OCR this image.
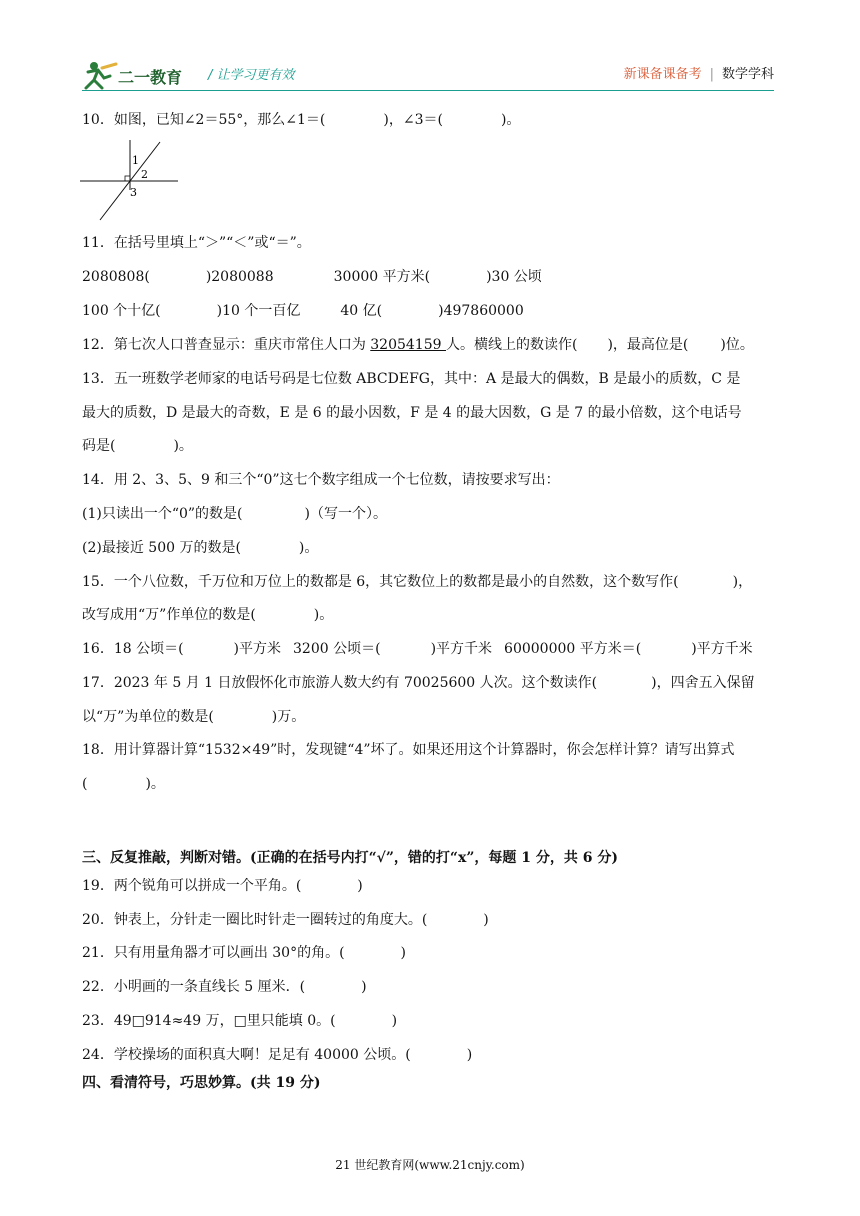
二一教育 / 让学习更有效	新课备课备考 | 数学学科
10．如图，已知∠2＝55°，那么∠1＝(	)，∠3＝(	)。
1
2
3
11．在括号里填上“＞”“＜”或“＝”。
2080808(	)2080088	30000 平方米(	)30 公顷
100 个十亿(	)10 个一百亿	40 亿(	)497860000
12．第七次人口普查显示：重庆市常住人口为 32054159 人。横线上的数读作( )，最高位是( )位。
13．五一班数学老师家的电话号码是七位数 ABCDEFG，其中：A 是最大的偶数，B 是最小的质数，C 是
最大的质数，D 是最大的奇数，E 是 6 的最小因数，F 是 4 的最大因数，G 是 7 的最小倍数，这个电话号
码是(	)。
14．用 2、3、5、9 和三个“0”这七个数字组成一个七位数，请按要求写出：
(1)只读出一个“0”的数是(	)（写一个）。
(2)最接近 500 万的数是(	)。
15．一个八位数，千万位和万位上的数都是 6，其它数位上的数都是最小的自然数，这个数写作(	)，
改写成用“万”作单位的数是(	)。
16．18 公顷＝(	)平方米 3200 公顷＝(	)平方千米 60000000 平方米＝(	)平方千米
17．2023 年 5 月 1 日放假怀化市旅游人数大约有 70025600 人次。这个数读作(	)，四舍五入保留
以“万”为单位的数是(	)万。
18．用计算器计算“1532×49”时，发现键“4”坏了。如果还用这个计算器时，你会怎样计算？请写出算式
(	)。
三、反复推敲，判断对错。(正确的在括号内打“√”，错的打“x”，每题 1 分，共 6 分)
19．两个锐角可以拼成一个平角。(	)
20．钟表上，分针走一圈比时针走一圈转过的角度大。(	)
21．只有用量角器才可以画出 30°的角。(	)
22．小明画的一条直线长 5 厘米．(	)
23．49□914≈49 万，□里只能填 0。(	)
24．学校操场的面积真大啊！足足有 40000 公顷。(	)
四、看清符号，巧思妙算。(共 19 分)
21 世纪教育网(www.21cnjy.com)
